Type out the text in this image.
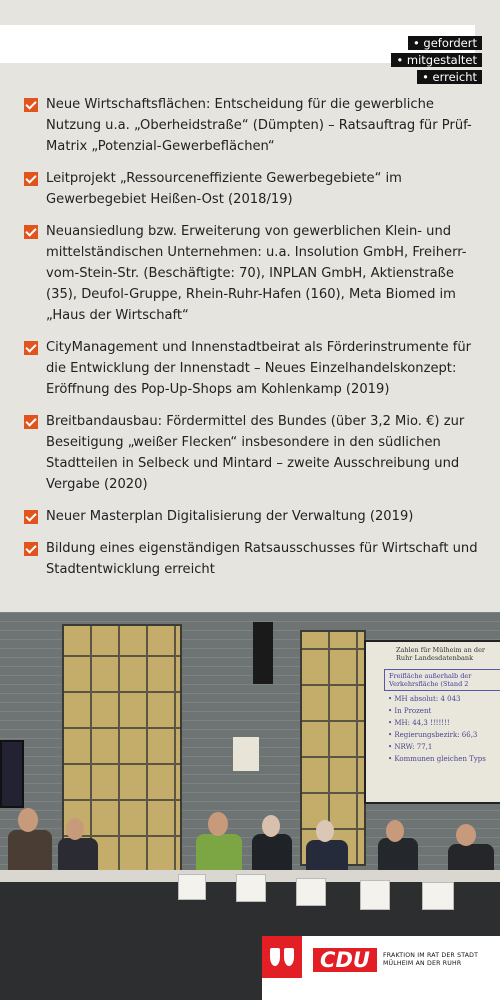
• gefordert
• mitgestaltet
• erreicht
Neue Wirtschaftsflächen: Entscheidung für die gewerbliche Nutzung u.a. „Oberheidstraße“ (Dümpten) – Ratsauftrag für Prüf-Matrix „Potenzial-Gewerbeflächen“
Leitprojekt „Ressourceneffiziente Gewerbegebiete“ im Gewerbegebiet Heißen-Ost (2018/19)
Neuansiedlung bzw. Erweiterung von gewerblichen Klein- und mittelständischen Unternehmen: u.a. Insolution GmbH, Freiherr-vom-Stein-Str. (Beschäftigte: 70), INPLAN GmbH, Aktienstraße (35), Deufol-Gruppe, Rhein-Ruhr-Hafen (160), Meta Biomed im „Haus der Wirtschaft“
CityManagement und Innenstadtbeirat als Förderinstrumente für die Entwicklung der Innenstadt – Neues Einzelhandelskonzept: Eröffnung des Pop-Up-Shops am Kohlenkamp (2019)
Breitbandausbau: Fördermittel des Bundes (über 3,2 Mio. €) zur Beseitigung „weißer Flecken“ insbesondere in den südlichen Stadtteilen in Selbeck und Mintard – zweite Ausschreibung und Vergabe (2020)
Neuer Masterplan Digitalisierung der Verwaltung (2019)
Bildung eines eigenständigen Ratsausschusses für Wirtschaft und Stadtentwicklung erreicht
Zahlen für Mülheim an der Ruhr Landesdatenbank
Freifläche außerhalb der Verkehrsfläche (Stand 2
• MH absolut: 4 043
• In Prozent
• MH: 44,3 !!!!!!!
• Regierungsbezirk: 66,3
• NRW: 77,1
• Kommunen gleichen Typs
CDU	FRAKTION IM RAT DER STADT
MÜLHEIM AN DER RUHR
